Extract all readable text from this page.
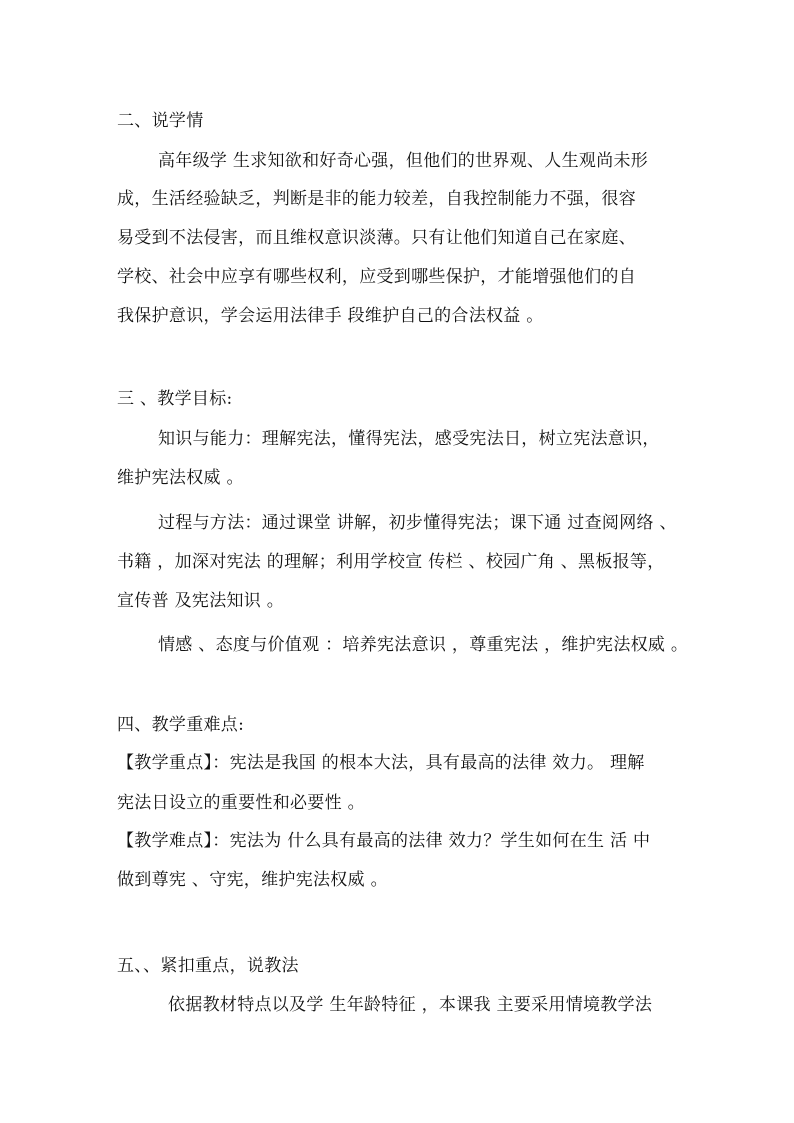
二、说学情
高年级学 生求知欲和好奇心强，但他们的世界观、人生观尚未形
成，生活经验缺乏，判断是非的能力较差，自我控制能力不强，很容
易受到不法侵害，而且维权意识淡薄。只有让他们知道自己在家庭、
学校、社会中应享有哪些权利，应受到哪些保护，才能增强他们的自
我保护意识，学会运用法律手 段维护自己的合法权益 。
三 、教学目标:
知识与能力：理解宪法，懂得宪法，感受宪法日，树立宪法意识，
维护宪法权威 。
过程与方法：通过课堂 讲解，初步懂得宪法；课下通 过查阅网络 、
书籍 ，加深对宪法 的理解；利用学校宣 传栏 、校园广角 、黑板报等，
宣传普 及宪法知识 。
情感 、态度与价值观 ：培养宪法意识 ，尊重宪法 ，维护宪法权威 。
四、教学重难点:
【教学重点】：宪法是我国 的根本大法，具有最高的法律 效力。 理解
宪法日设立的重要性和必要性 。
【教学难点】：宪法为 什么具有最高的法律 效力？学生如何在生 活 中
做到尊宪 、守宪，维护宪法权威 。
五、、紧扣重点，说教法
依据教材特点以及学 生年龄特征 ，本课我 主要采用情境教学法
